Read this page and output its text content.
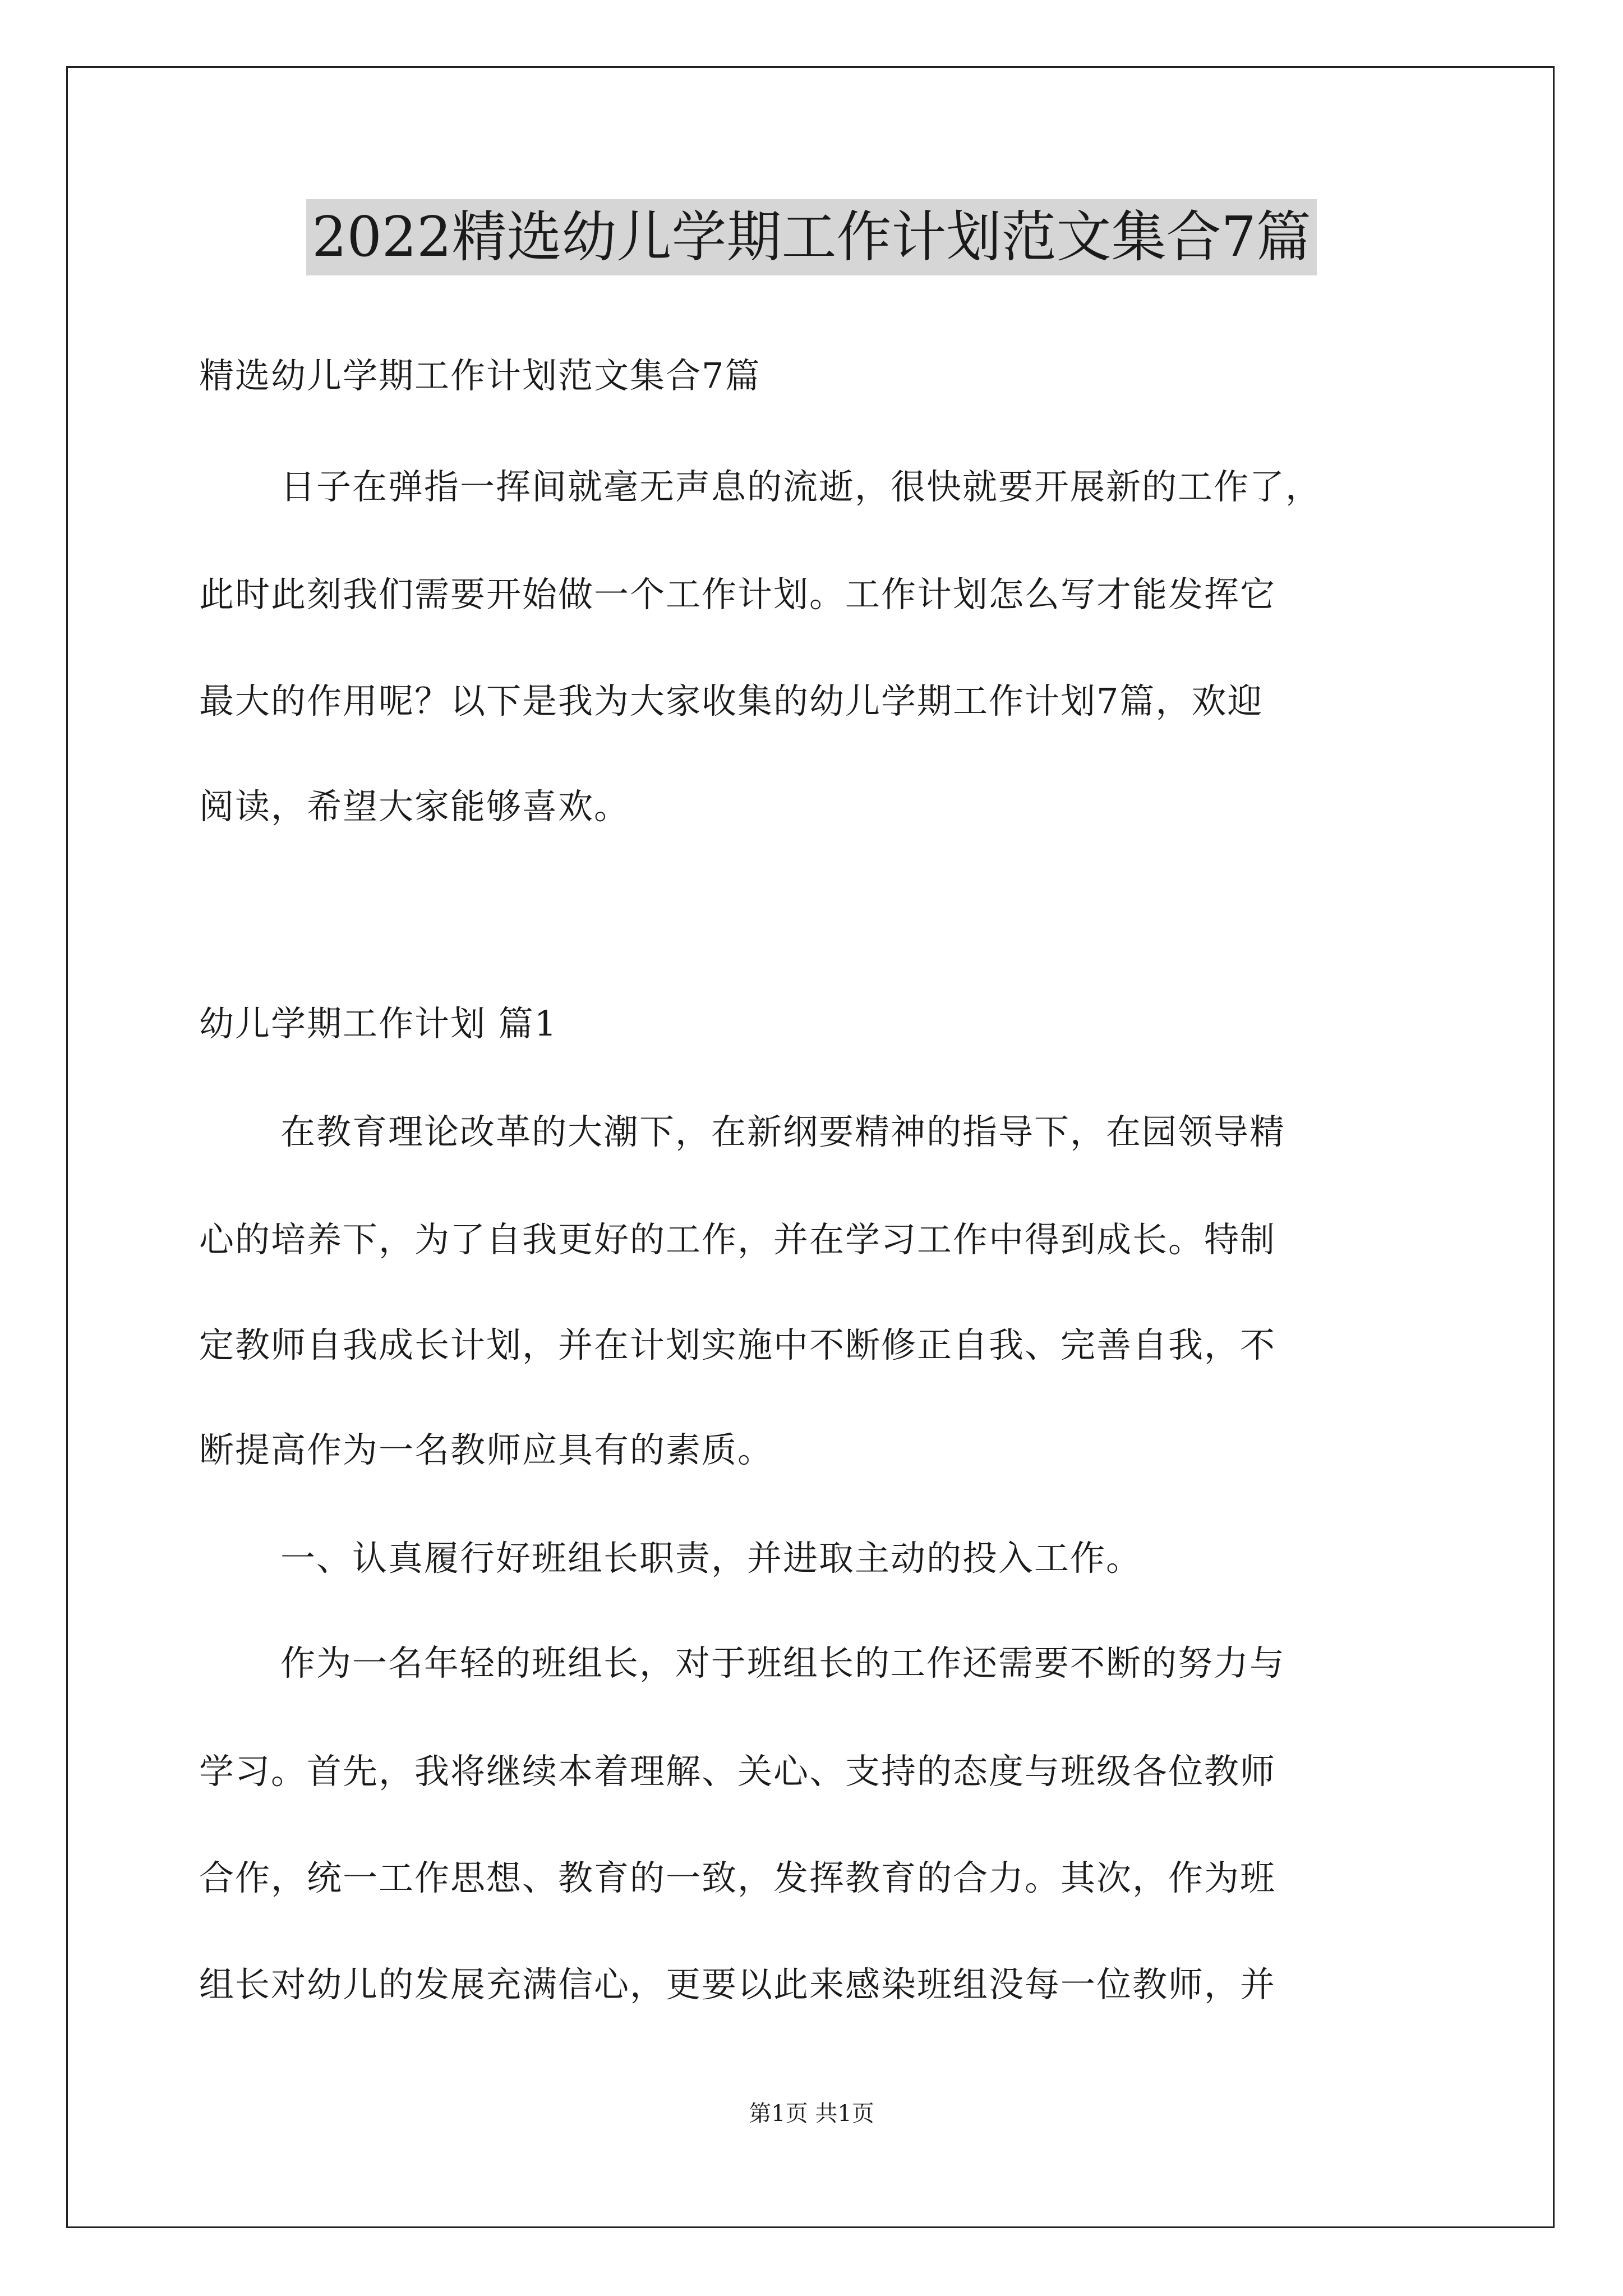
2022精选幼儿学期工作计划范文集合7篇
精选幼儿学期工作计划范文集合7篇
日子在弹指一挥间就毫无声息的流逝，很快就要开展新的工作了，
此时此刻我们需要开始做一个工作计划。工作计划怎么写才能发挥它
最大的作用呢？以下是我为大家收集的幼儿学期工作计划7篇，欢迎
阅读，希望大家能够喜欢。
幼儿学期工作计划 篇1
在教育理论改革的大潮下，在新纲要精神的指导下，在园领导精
心的培养下，为了自我更好的工作，并在学习工作中得到成长。特制
定教师自我成长计划，并在计划实施中不断修正自我、完善自我，不
断提高作为一名教师应具有的素质。
一、认真履行好班组长职责，并进取主动的投入工作。
作为一名年轻的班组长，对于班组长的工作还需要不断的努力与
学习。首先，我将继续本着理解、关心、支持的态度与班级各位教师
合作，统一工作思想、教育的一致，发挥教育的合力。其次，作为班
组长对幼儿的发展充满信心，更要以此来感染班组没每一位教师，并
第1页 共1页
